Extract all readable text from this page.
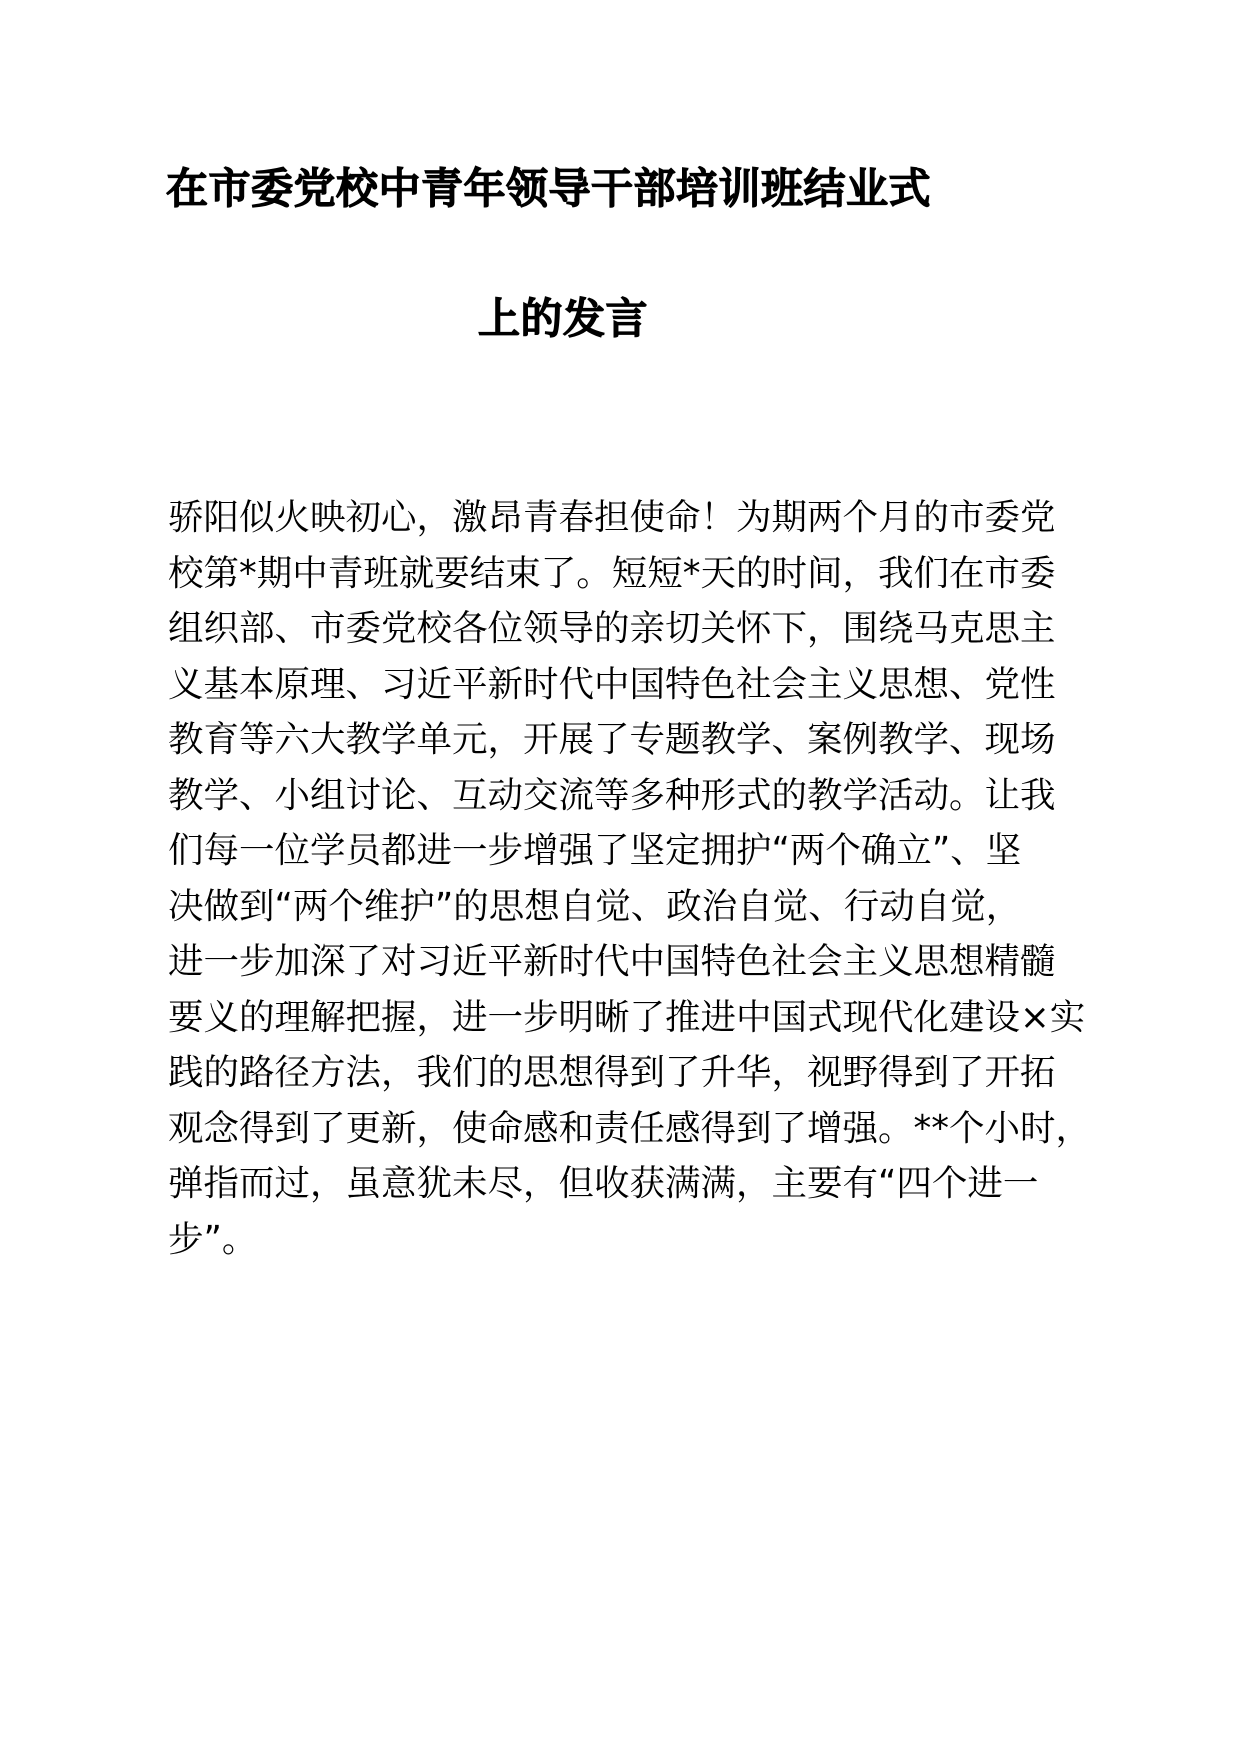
在市委党校中青年领导干部培训班结业式
上的发言

骄阳似火映初心，激昂青春担使命！为期两个月的市委党
校第*期中青班就要结束了。短短*天的时间，我们在市委
组织部、市委党校各位领导的亲切关怀下，围绕马克思主
义基本原理、习近平新时代中国特色社会主义思想、党性
教育等六大教学单元，开展了专题教学、案例教学、现场
教学、小组讨论、互动交流等多种形式的教学活动。让我
们每一位学员都进一步增强了坚定拥护“两个确立”、坚
决做到“两个维护”的思想自觉、政治自觉、行动自觉，
进一步加深了对习近平新时代中国特色社会主义思想精髓
要义的理解把握，进一步明晰了推进中国式现代化建设×实
践的路径方法，我们的思想得到了升华，视野得到了开拓
观念得到了更新，使命感和责任感得到了增强。**个小时，
弹指而过，虽意犹未尽，但收获满满，主要有“四个进一
步”。
